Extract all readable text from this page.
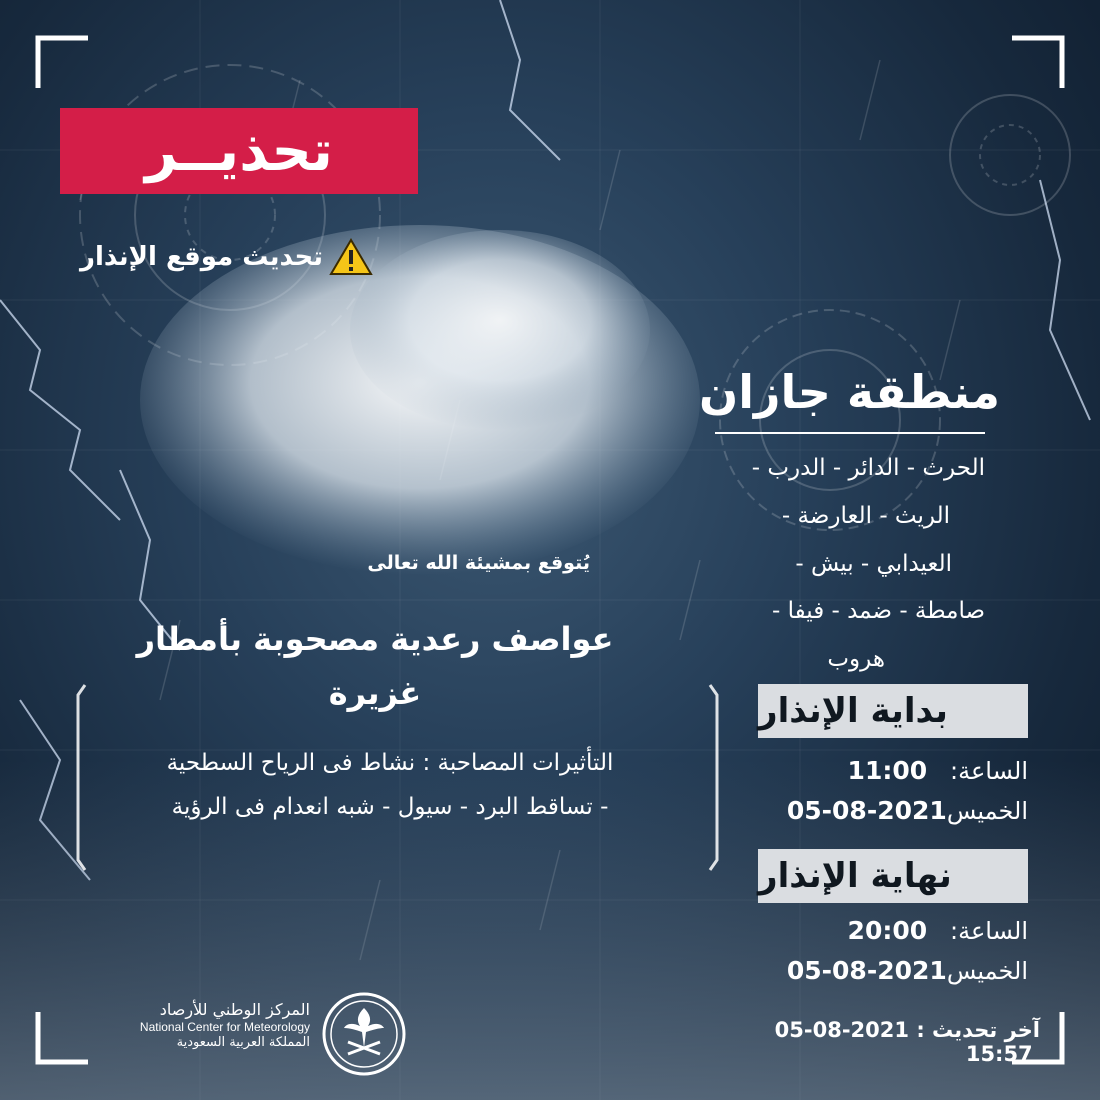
تحذيــر
تحديث موقع الإنذار
منطقة جازان
الحرث - الدائر - الدرب -
الريث - العارضة -
العيدابي - بيش -
صامطة - ضمد - فيفا -
هروب
بداية الإنذار
الساعة:   11:00
الخميس2021-08-05
نهاية الإنذار
الساعة:   20:00
الخميس2021-08-05
يُتوقع بمشيئة الله تعالى
عواصف رعدية مصحوبة بأمطار
غزيرة
التأثيرات المصاحبة : نشاط فى الرياح السطحية
- تساقط البرد - سيول - شبه انعدام فى الرؤية
آخر تحديث : 2021-08-05  15:57
المركز الوطني للأرصاد
National Center for Meteorology
المملكة العربية السعودية
